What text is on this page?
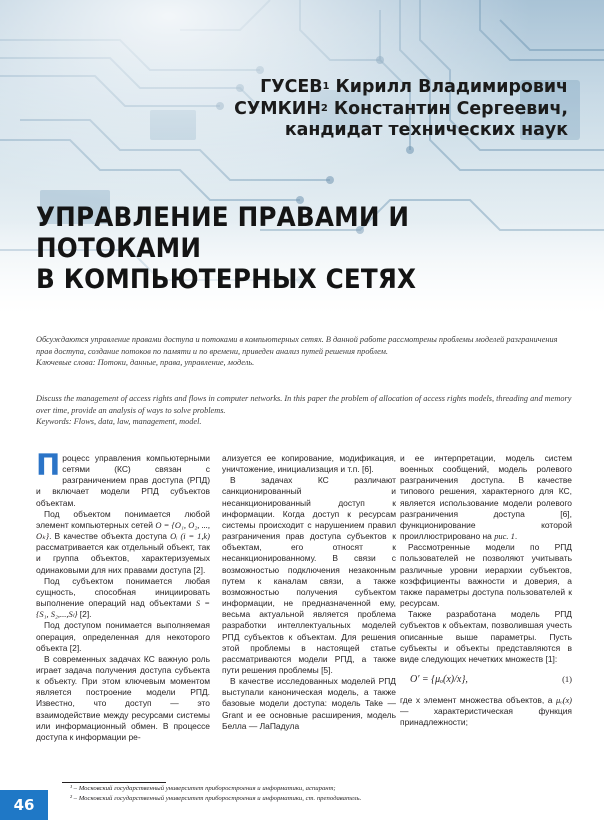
ГУСЕВ$^1$ Кирилл Владимирович
СУМКИН$^2$ Константин Сергеевич,
кандидат технических наук
УПРАВЛЕНИЕ ПРАВАМИ И ПОТОКАМИ
В КОМПЬЮТЕРНЫХ СЕТЯХ
Обсуждаются управление правами доступа и потоками в компьютерных сетях. В данной работе рассмотрены проблемы моделей разграничения прав доступа, создание потоков по памяти и по времени, приведен анализ путей решения проблем.
Ключевые слова: Потоки, данные, права, управление, модель.
Discuss the management of access rights and flows in computer networks. In this paper the problem of allocation of access rights models, threading and memory over time, provide an analysis of ways to solve problems.
Keywords: Flows, data, law, management, model.

Процесс управления компьютерными сетями (КС) связан с разграничением прав доступа (РПД) и включает модели РПД субъектов объектам.

Под объектом понимается любой элемент компьютерных сетей O = {O₁, O₂, ..., Oₖ}. В качестве объекта доступа Oᵢ (i = 1,k) рассматривается как отдельный объект, так и группа объектов, характеризуемых одинаковыми для них правами доступа [2].

Под субъектом понимается любая сущность, способная инициировать выполнение операций над объектами S = {S₁, S₂,...,Sₗ} [2].

Под доступом понимается выполняемая операция, определенная для некоторого объекта [2].

В современных задачах КС важную роль играет задача получения доступа субъекта к объекту. При этом ключевым моментом является построение модели РПД. Известно, что доступ — это взаимодействие между ресурсами системы или информационный обмен. В процессе доступа к информации ре-

ализуется ее копирование, модификация, уничтожение, инициализация и т.п. [6].

В задачах КС различают санкционированный и несанкционированный доступ к информации. Когда доступ к ресурсам системы происходит с нарушением правил разграничения прав доступа субъектов к объектам, его относят к несанкционированному. В связи с возможностью подключения незаконным путем к каналам связи, а также возможностью получения субъектом информации, не предназначенной ему, весьма актуальной является проблема разработки интеллектуальных моделей РПД субъектов к объектам. Для решения этой проблемы в настоящей статье рассматриваются модели РПД, а также пути решения проблемы [5].

В качестве исследованных моделей РПД выступали каноническая модель, а также базовые модели доступа: модель Take — Grant и ее основные расширения, модель Белла — ЛаПадула

и ее интерпретации, модель систем военных сообщений, модель ролевого разграничения доступа. В качестве типового решения, характерного для КС, является использование модели ролевого разграничения доступа [6], функционирование которой проиллюстрировано на рис. 1.

Рассмотренные модели по РПД пользователей не позволяют учитывать различные уровни иерархии субъектов, коэффициенты важности и доверия, а также параметры доступа пользователей к ресурсам.

Также разработана модель РПД субъектов к объектам, позволившая учесть описанные выше параметры. Пусть субъекты и объекты представляются в виде следующих нечетких множеств [1]:

O′ = {μₒ(x)/x},	(1)

где x элемент множества объектов, а μₒ(x) — характеристическая функция принадлежности;

¹ – Московский государственный университет приборостроения и информатики, аспирант;
² – Московский государственный университет приборостроения и информатики, ст. преподаватель.
46
